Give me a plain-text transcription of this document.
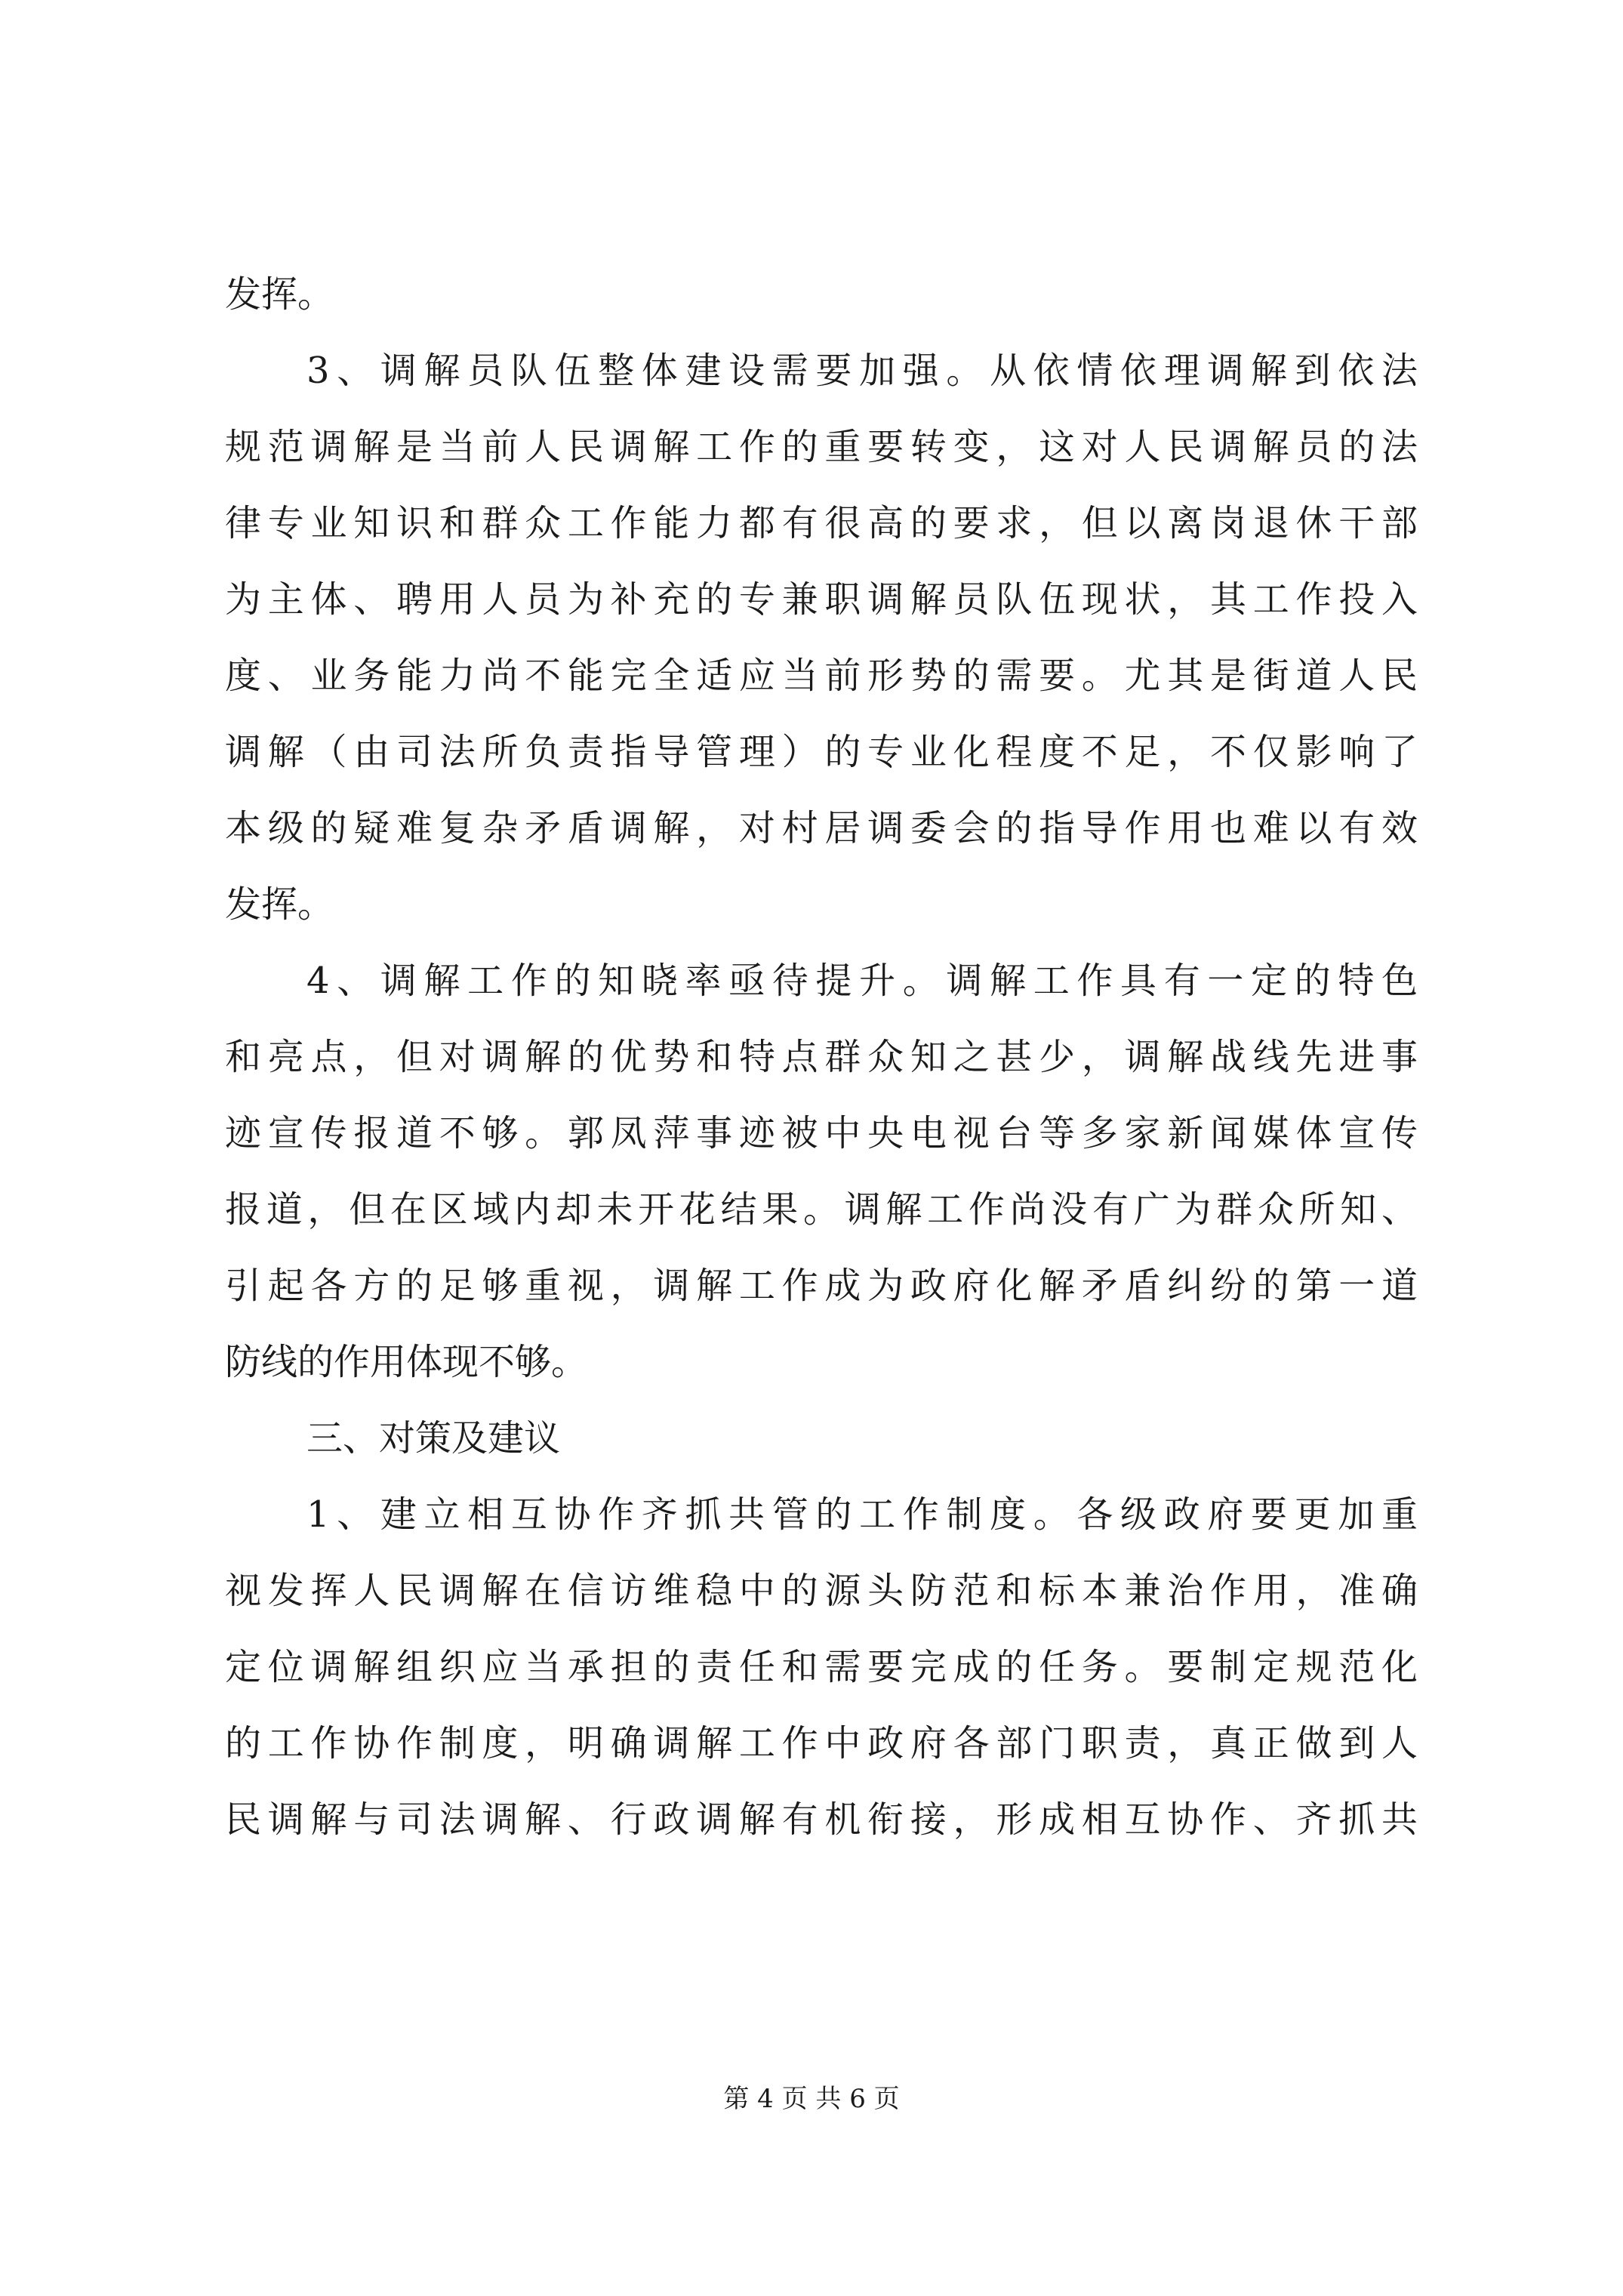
发挥。
3、调解员队伍整体建设需要加强。从依情依理调解到依法
规范调解是当前人民调解工作的重要转变，这对人民调解员的法
律专业知识和群众工作能力都有很高的要求，但以离岗退休干部
为主体、聘用人员为补充的专兼职调解员队伍现状，其工作投入
度、业务能力尚不能完全适应当前形势的需要。尤其是街道人民
调解（由司法所负责指导管理）的专业化程度不足，不仅影响了
本级的疑难复杂矛盾调解，对村居调委会的指导作用也难以有效
发挥。
4、调解工作的知晓率亟待提升。调解工作具有一定的特色
和亮点，但对调解的优势和特点群众知之甚少，调解战线先进事
迹宣传报道不够。郭凤萍事迹被中央电视台等多家新闻媒体宣传
报道，但在区域内却未开花结果。调解工作尚没有广为群众所知、
引起各方的足够重视，调解工作成为政府化解矛盾纠纷的第一道
防线的作用体现不够。
三、对策及建议
1、建立相互协作齐抓共管的工作制度。各级政府要更加重
视发挥人民调解在信访维稳中的源头防范和标本兼治作用，准确
定位调解组织应当承担的责任和需要完成的任务。要制定规范化
的工作协作制度，明确调解工作中政府各部门职责，真正做到人
民调解与司法调解、行政调解有机衔接，形成相互协作、齐抓共
第 4 页 共 6 页
